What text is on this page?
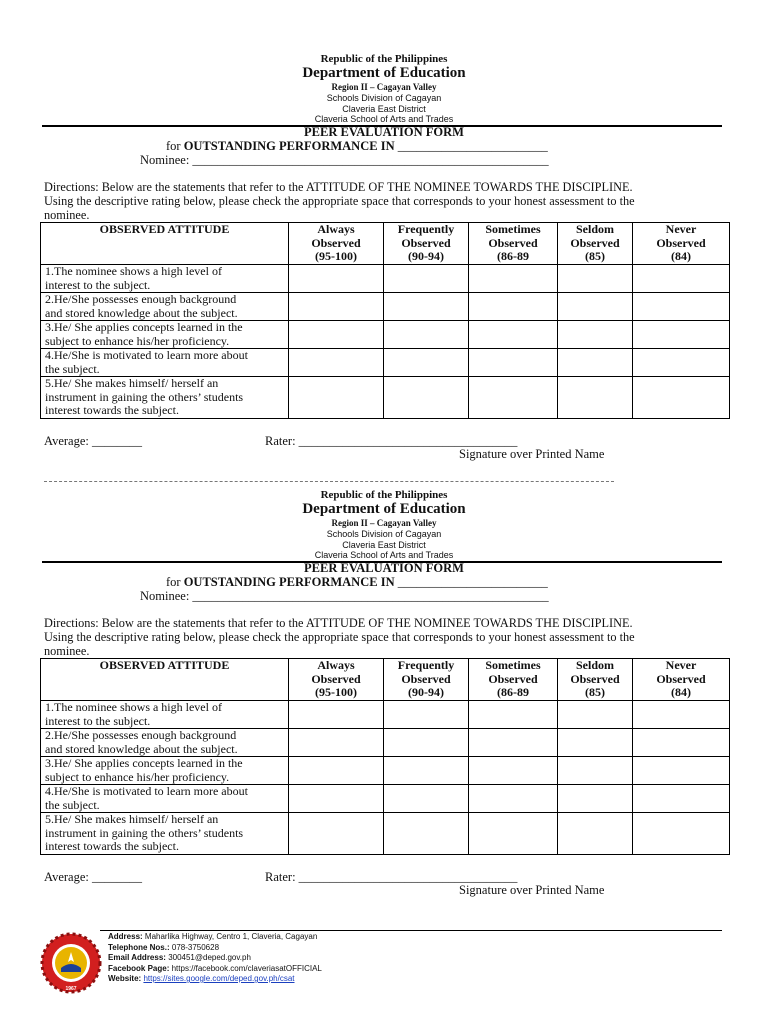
Republic of the Philippines
Department of Education
Region II – Cagayan Valley
Schools Division of Cagayan
Claveria East District
Claveria School of Arts and Trades
PEER EVALUATION FORM
for OUTSTANDING PERFORMANCE IN ________________________
Nominee: _________________________________________________________
Directions: Below are the statements that refer to the ATTITUDE OF THE NOMINEE TOWARDS THE DISCIPLINE.
Using the descriptive rating below, please check the appropriate space that corresponds to your honest assessment to the
nominee.
OBSERVED ATTITUDE	Always
Observed
(95-100)	Frequently
Observed
(90-94)	Sometimes
Observed
(86-89	Seldom
Observed
(85)	Never
Observed
(84)
1.The nominee shows a high level of
interest to the subject.					
2.He/She possesses enough background
and stored knowledge about the subject.					
3.He/ She applies concepts learned in the
subject to enhance his/her proficiency.					
4.He/She is motivated to learn more about
the subject.					
5.He/ She makes himself/ herself an
instrument in gaining the others’ students
interest towards the subject.					
Average: ________	Rater: ___________________________________
Signature over Printed Name
Republic of the Philippines
Department of Education
Region II – Cagayan Valley
Schools Division of Cagayan
Claveria East District
Claveria School of Arts and Trades
PEER EVALUATION FORM
for OUTSTANDING PERFORMANCE IN ________________________
Nominee: _________________________________________________________
Directions: Below are the statements that refer to the ATTITUDE OF THE NOMINEE TOWARDS THE DISCIPLINE.
Using the descriptive rating below, please check the appropriate space that corresponds to your honest assessment to the
nominee.
OBSERVED ATTITUDE	Always
Observed
(95-100)	Frequently
Observed
(90-94)	Sometimes
Observed
(86-89	Seldom
Observed
(85)	Never
Observed
(84)
1.The nominee shows a high level of
interest to the subject.					
2.He/She possesses enough background
and stored knowledge about the subject.					
3.He/ She applies concepts learned in the
subject to enhance his/her proficiency.					
4.He/She is motivated to learn more about
the subject.					
5.He/ She makes himself/ herself an
instrument in gaining the others’ students
interest towards the subject.					
Average: ________	Rater: ___________________________________
Signature over Printed Name
1967
Address: Maharlika Highway, Centro 1, Claveria, Cagayan
Telephone Nos.: 078-3750628
Email Address: 300451@deped.gov.ph
Facebook Page: https://facebook.com/claveriasatOFFICIAL
Website: https://sites.google.com/deped.gov.ph/csat
